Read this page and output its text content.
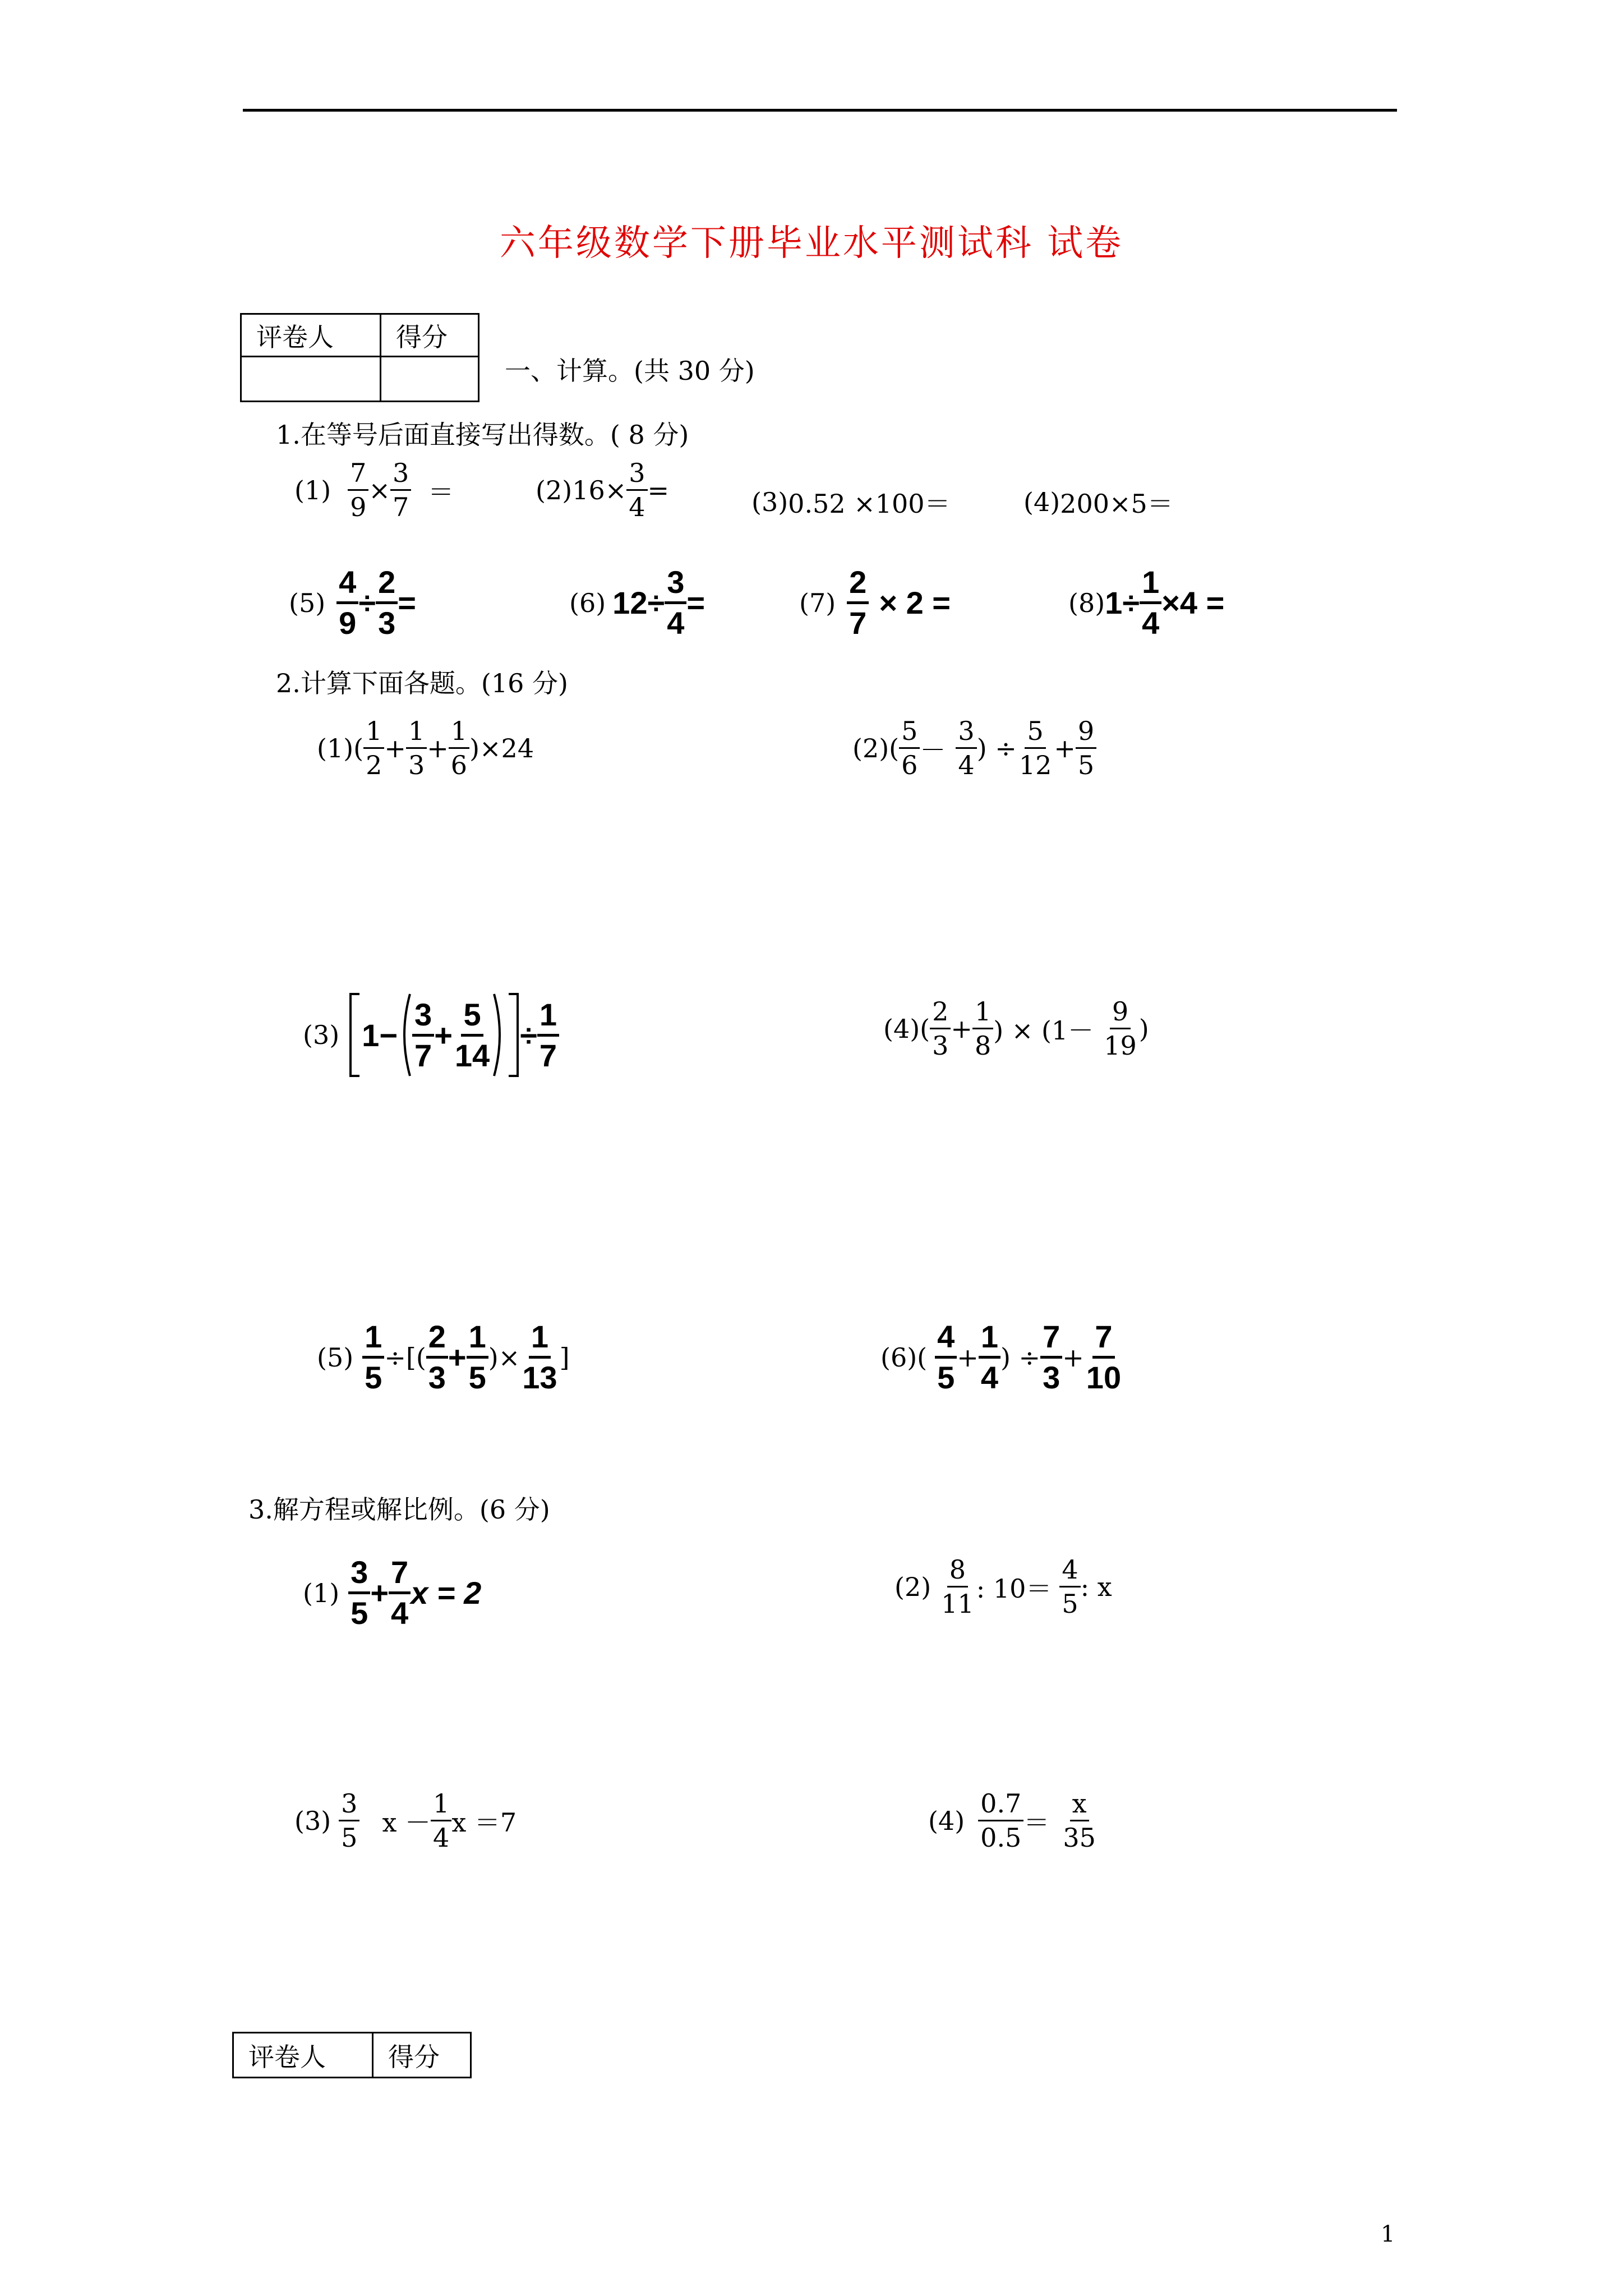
六年级数学下册毕业水平测试科 试卷
评卷人	得分

一、计算。(共 30 分)
1.在等号后面直接写出得数。( 8 分)
$(1) \frac{7}{9} \times \frac{3}{7}$ ＝	(2) $16\times \frac{3}{4}$ =	(3) 0.52 ×100＝	(4) 200×5＝
$(5) \frac{4}{9} \div \frac{2}{3}$ =	(6) $12\div \frac{3}{4}$ =	$(7) \frac{2}{7} \times 2$ =	(8) $1\div \frac{1}{4} \times 4$ =
2.计算下面各题。(16 分)
(1) ( $\frac{1}{2} + \frac{1}{3} + \frac{1}{6} )\times 24$	(2) ( $\frac{5}{6} - \frac{3}{4}$ ) ÷ $\frac{5}{12} + \frac{9}{5}$
(3) $1- \frac{3}{7} + \frac{5}{14} \div \frac{1}{7}$	(4) ( $\frac{2}{3} + \frac{1}{8}$ ) × ($1- \frac{9}{19}$ )
$(5) \frac{1}{5}$ ÷[( $\frac{2}{3} + \frac{1}{5}$ )× $\frac{1}{13}$ ]	$(6)( \frac{4}{5} + \frac{1}{4}$ ) ÷ $\frac{7}{3} + \frac{7}{10}$
3.解方程或解比例。(6 分)
$(1) \frac{3}{5} + \frac{7}{4}$ x = 2	$(2) \frac{8}{11}$ : $10= \frac{4}{5}$ : x
$(3) \frac{3}{5}$ $x - \frac{1}{4}$ x ＝7	$(4) \frac{0.7}{0.5} = \frac{x}{35}$
评卷人	得分
1
